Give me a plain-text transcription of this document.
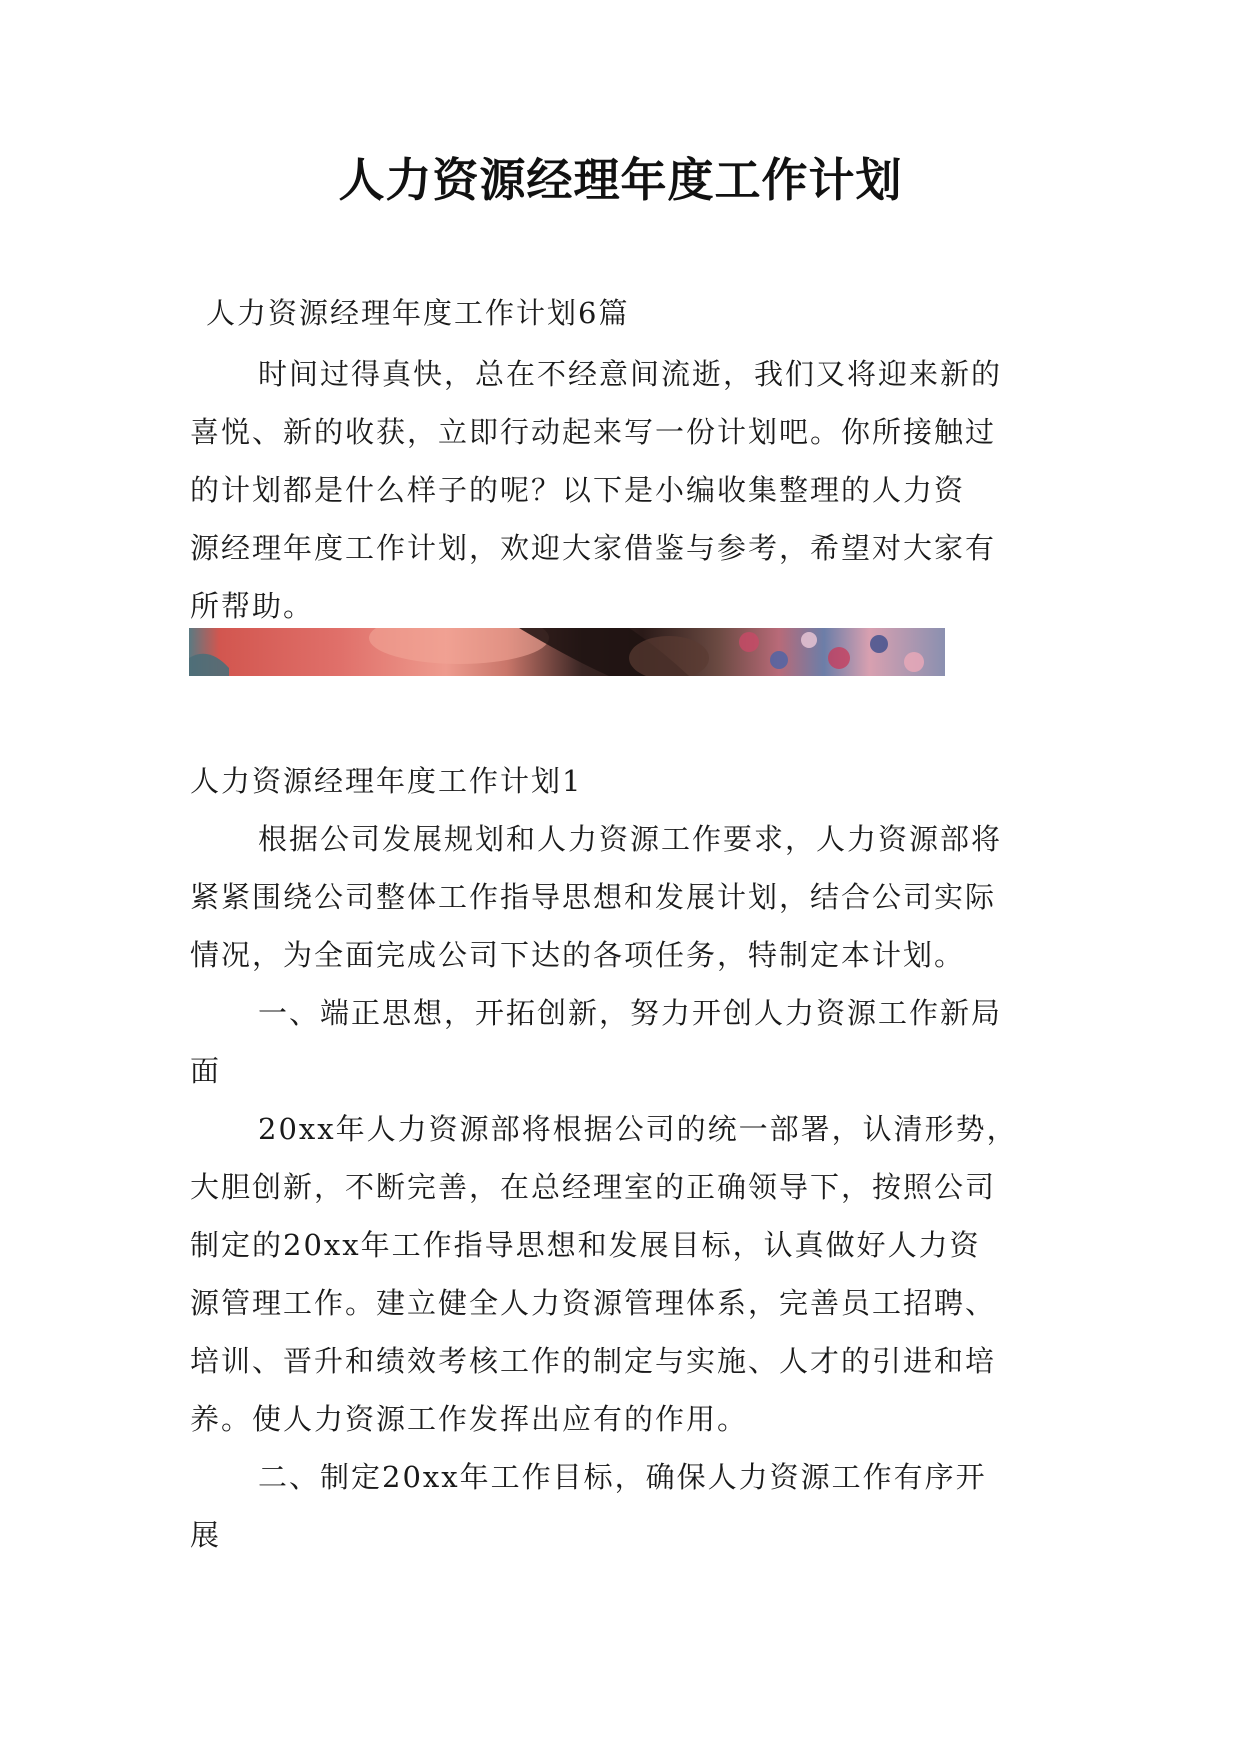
人力资源经理年度工作计划
人力资源经理年度工作计划6篇
时间过得真快，总在不经意间流逝，我们又将迎来新的
喜悦、新的收获，立即行动起来写一份计划吧。你所接触过
的计划都是什么样子的呢？以下是小编收集整理的人力资
源经理年度工作计划，欢迎大家借鉴与参考，希望对大家有
所帮助。
人力资源经理年度工作计划1
根据公司发展规划和人力资源工作要求，人力资源部将
紧紧围绕公司整体工作指导思想和发展计划，结合公司实际
情况，为全面完成公司下达的各项任务，特制定本计划。
一、端正思想，开拓创新，努力开创人力资源工作新局
面
20xx年人力资源部将根据公司的统一部署，认清形势，
大胆创新，不断完善，在总经理室的正确领导下，按照公司
制定的20xx年工作指导思想和发展目标，认真做好人力资
源管理工作。建立健全人力资源管理体系，完善员工招聘、
培训、晋升和绩效考核工作的制定与实施、人才的引进和培
养。使人力资源工作发挥出应有的作用。
二、制定20xx年工作目标，确保人力资源工作有序开
展
